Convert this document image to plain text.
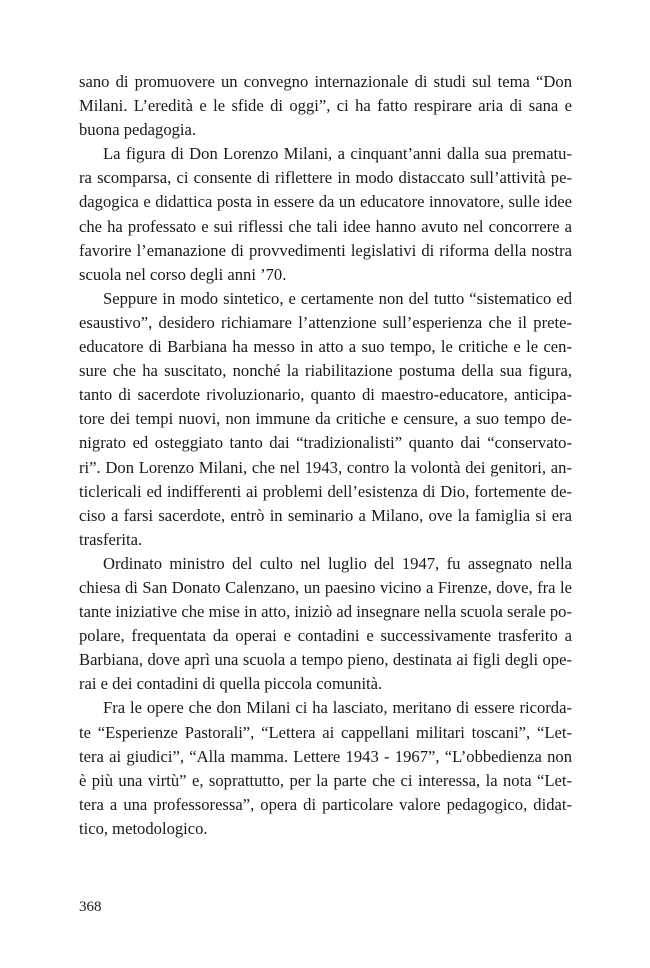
sano di promuovere un convegno internazionale di studi sul tema “Don
Milani. L’eredità e le sfide di oggi”, ci ha fatto respirare aria di sana e
buona pedagogia.
La figura di Don Lorenzo Milani, a cinquant’anni dalla sua prematu-
ra scomparsa, ci consente di riflettere in modo distaccato sull’attività pe-
dagogica e didattica posta in essere da un educatore innovatore, sulle idee
che ha professato e sui riflessi che tali idee hanno avuto nel concorrere a
favorire l’emanazione di provvedimenti legislativi di riforma della nostra
scuola nel corso degli anni ’70.
Seppure in modo sintetico, e certamente non del tutto “sistematico ed
esaustivo”, desidero richiamare l’attenzione sull’esperienza che il prete-
educatore di Barbiana ha messo in atto a suo tempo, le critiche e le cen-
sure che ha suscitato, nonché la riabilitazione postuma della sua figura,
tanto di sacerdote rivoluzionario, quanto di maestro-educatore, anticipa-
tore dei tempi nuovi, non immune da critiche e censure, a suo tempo de-
nigrato ed osteggiato tanto dai “tradizionalisti” quanto dai “conservato-
ri”. Don Lorenzo Milani, che nel 1943, contro la volontà dei genitori, an-
ticlericali ed indifferenti ai problemi dell’esistenza di Dio, fortemente de-
ciso a farsi sacerdote, entrò in seminario a Milano, ove la famiglia si era
trasferita.
Ordinato ministro del culto nel luglio del 1947, fu assegnato nella
chiesa di San Donato Calenzano, un paesino vicino a Firenze, dove, fra le
tante iniziative che mise in atto, iniziò ad insegnare nella scuola serale po-
polare, frequentata da operai e contadini e successivamente trasferito a
Barbiana, dove aprì una scuola a tempo pieno, destinata ai figli degli ope-
rai e dei contadini di quella piccola comunità.
Fra le opere che don Milani ci ha lasciato, meritano di essere ricorda-
te “Esperienze Pastorali”, “Lettera ai cappellani militari toscani”, “Let-
tera ai giudici”, “Alla mamma. Lettere 1943 - 1967”, “L’obbedienza non
è più una virtù” e, soprattutto, per la parte che ci interessa, la nota “Let-
tera a una professoressa”, opera di particolare valore pedagogico, didat-
tico, metodologico.
368
